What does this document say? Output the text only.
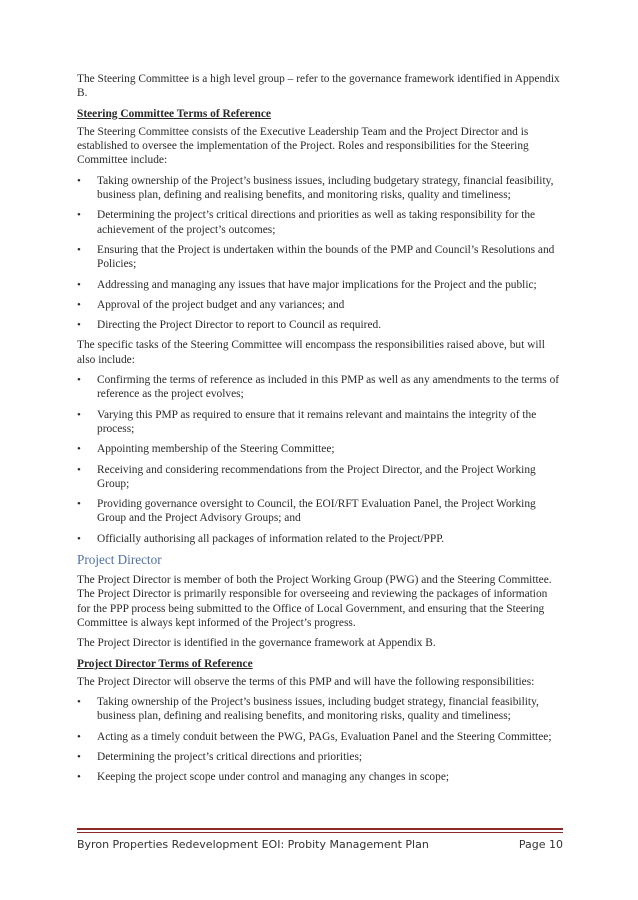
The Steering Committee is a high level group – refer to the governance framework identified in Appendix B.

Steering Committee Terms of Reference

The Steering Committee consists of the Executive Leadership Team and the Project Director and is established to oversee the implementation of the Project. Roles and responsibilities for the Steering Committee include:

• Taking ownership of the Project’s business issues, including budgetary strategy, financial feasibility, business plan, defining and realising benefits, and monitoring risks, quality and timeliness;
• Determining the project’s critical directions and priorities as well as taking responsibility for the achievement of the project’s outcomes;
• Ensuring that the Project is undertaken within the bounds of the PMP and Council’s Resolutions and Policies;
• Addressing and managing any issues that have major implications for the Project and the public;
• Approval of the project budget and any variances; and
• Directing the Project Director to report to Council as required.

The specific tasks of the Steering Committee will encompass the responsibilities raised above, but will also include:

• Confirming the terms of reference as included in this PMP as well as any amendments to the terms of reference as the project evolves;
• Varying this PMP as required to ensure that it remains relevant and maintains the integrity of the process;
• Appointing membership of the Steering Committee;
• Receiving and considering recommendations from the Project Director, and the Project Working Group;
• Providing governance oversight to Council, the EOI/RFT Evaluation Panel, the Project Working Group and the Project Advisory Groups; and
• Officially authorising all packages of information related to the Project/PPP.
Project Director

The Project Director is member of both the Project Working Group (PWG) and the Steering Committee. The Project Director is primarily responsible for overseeing and reviewing the packages of information for the PPP process being submitted to the Office of Local Government, and ensuring that the Steering Committee is always kept informed of the Project’s progress.

The Project Director is identified in the governance framework at Appendix B.

Project Director Terms of Reference

The Project Director will observe the terms of this PMP and will have the following responsibilities:

• Taking ownership of the Project’s business issues, including budget strategy, financial feasibility, business plan, defining and realising benefits, and monitoring risks, quality and timeliness;
• Acting as a timely conduit between the PWG, PAGs, Evaluation Panel and the Steering Committee;
• Determining the project’s critical directions and priorities;
• Keeping the project scope under control and managing any changes in scope;
Byron Properties Redevelopment EOI: Probity Management Plan	Page 10
